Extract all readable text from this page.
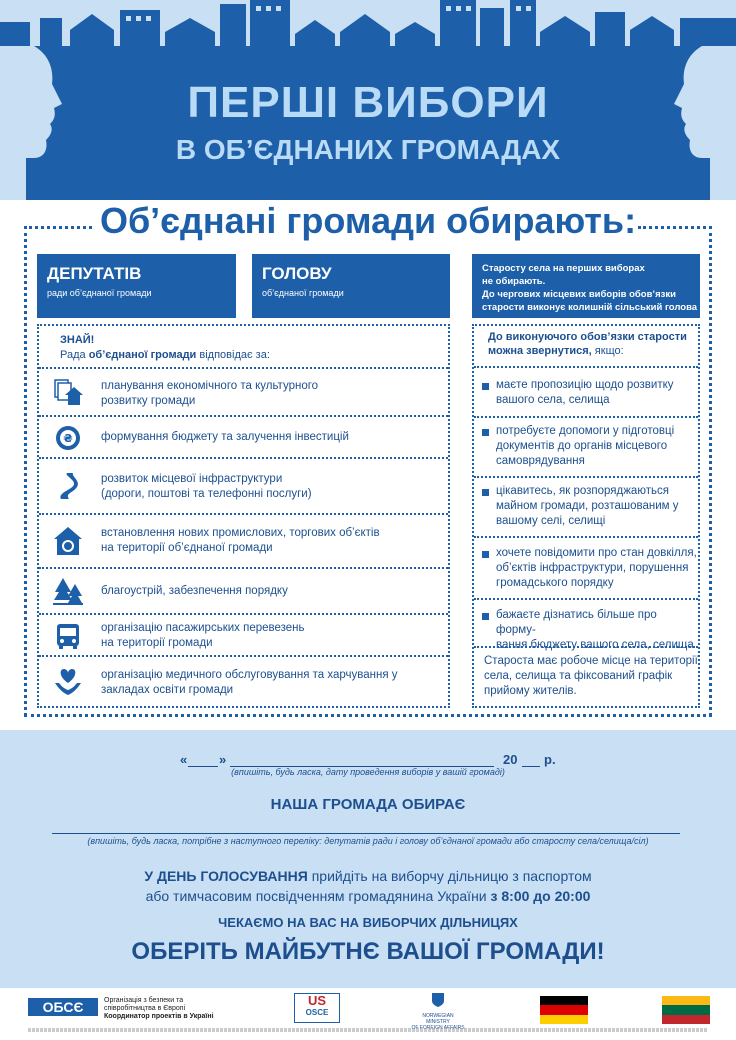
ПЕРШІ ВИБОРИ
В ОБ’ЄДНАНИХ ГРОМАДАХ
Об’єднані громади обирають:
ДЕПУТАТІВ
ради об’єднаної громади
ГОЛОВУ
об’єднаної громади
Старосту села на перших виборах
не обирають.
До чергових місцевих виборів обов’язки
старости виконує колишній сільський голова
планування економічного та культурного
розвитку громади
₴ формування бюджету та залучення інвестицій
розвиток місцевої інфраструктури
(дороги, поштові та телефонні послуги)
встановлення нових промислових, торгових об’єктів
на території об’єднаної громади
благоустрій, забезпечення порядку
організацію пасажирських перевезень
на території громади
організацію медичного обслуговування та харчування у
закладах освіти громади
ЗНАЙ!
Рада об’єднаної громади відповідає за:
До виконуючого обов’язки старости
можна звернутися, якщо:
маєте пропозицію щодо розвитку
вашого села, селища
потребуєте допомоги у підготовці
документів до органів місцевого
самоврядування
цікавитесь, як розпоряджаються
майном громади, розташованим у
вашому селі, селищі
хочете повідомити про стан довкілля,
об’єктів інфраструктури, порушення
громадського порядку
бажаєте дізнатись більше про форму-
вання бюджету вашого села, селища
Староста має робоче місце на території
села, селища та фіксований графік
прийому жителів.
« »	20 р.
(впишіть, будь ласка, дату проведення виборів у вашій громаді)
НАША ГРОМАДА ОБИРАЄ
(впишіть, будь ласка, потрібне з наступного переліку: депутатів ради і голову об’єднаної громади або старосту села/селища/сіл)
У ДЕНЬ ГОЛОСУВАННЯ прийдіть на виборчу дільницю з паспортом
або тимчасовим посвідченням громадянина України з 8:00 до 20:00
ЧЕКАЄМО НА ВАС НА ВИБОРЧИХ ДІЛЬНИЦЯХ
ОБЕРІТЬ МАЙБУТНЄ ВАШОЇ ГРОМАДИ!
ОБСЄ	Організація з безпеки та
співробітництва в Європі
Координатор проектів в Україні
US
OSCE	NORWEGIAN MINISTRY
